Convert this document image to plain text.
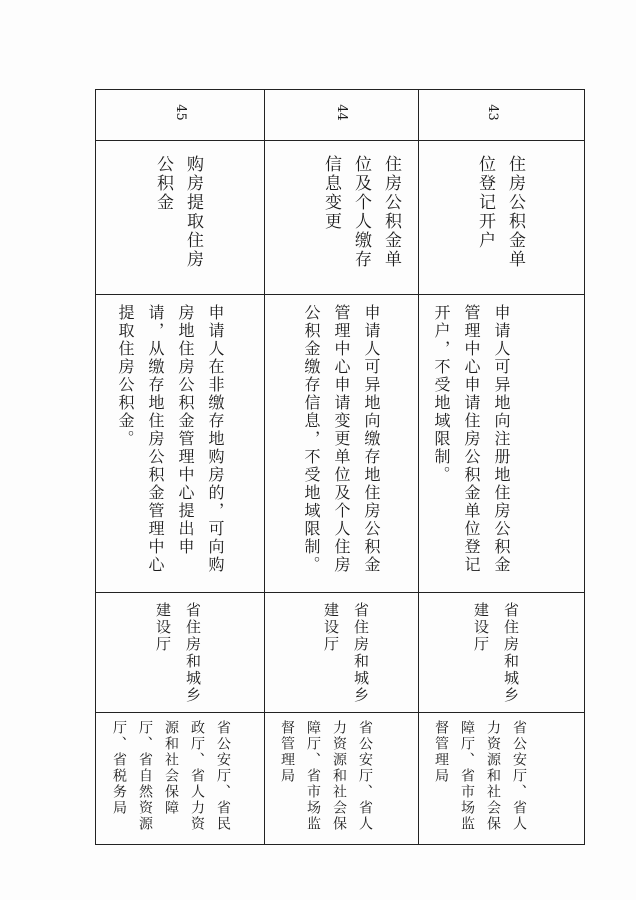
43
住房公积金单位登记开户
申请人可异地向注册地住房公积金管理中心申请住房公积金单位登记开户，不受地域限制。
省住房和城乡建设厅
省公安厅、省人力资源和社会保障厅、省市场监督管理局
44
住房公积金单位及个人缴存信息变更
申请人可异地向缴存地住房公积金管理中心申请变更单位及个人住房公积金缴存信息，不受地域限制。
省住房和城乡建设厅
省公安厅、省人力资源和社会保障厅、省市场监督管理局
45
购房提取住房公积金
申请人在非缴存地购房的，可向购房地住房公积金管理中心提出申请，从缴存地住房公积金管理中心提取住房公积金。
省住房和城乡建设厅
省公安厅、省民政厅、省人力资源和社会保障厅、省自然资源厅、省税务局
